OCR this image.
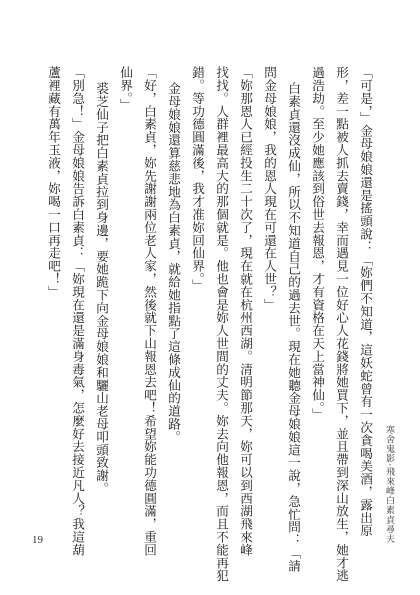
寒舍鬼影·飛來峰白素貞尋夫
「可是，」金母娘娘還是搖頭說：「妳們不知道，這妖蛇曾有一次貪喝美酒，露出原
形，差一點被人抓去賣錢，幸而遇見一位好心人花錢將她買下，並且帶到深山放生，她才逃
過浩劫。至少她應該到俗世去報恩，才有資格在天上當神仙。」
白素貞還沒成仙，所以不知道自己的過去世。現在她聽金母娘娘這一說，急忙問：「請
問金母娘娘，我的恩人現在可還在人世？」
「妳那恩人已經投生二十次了，現在就在杭州西湖。清明節那天，妳可以到西湖飛來峰
找找。人群裡最高大的那個就是。他也會是妳人世間的丈夫。妳去向他報恩，而且不能再犯
錯。等功德圓滿後，我才准妳回仙界。」
金母娘娘還算慈悲地為白素貞，就給她指點了這條成仙的道路。
「好，白素貞，妳先謝謝兩位老人家，然後就下山報恩去吧！希望妳能功德圓滿，重回
仙界。」
裘芝仙子把白素貞拉到身邊，要她跪下向金母娘娘和驪山老母叩頭致謝。
「別急！」金母娘娘告訴白素貞：「妳現在還是滿身毒氣，怎麼好去接近凡人？我這葫
蘆裡藏有萬年玉液，妳喝一口再走吧！」
19
